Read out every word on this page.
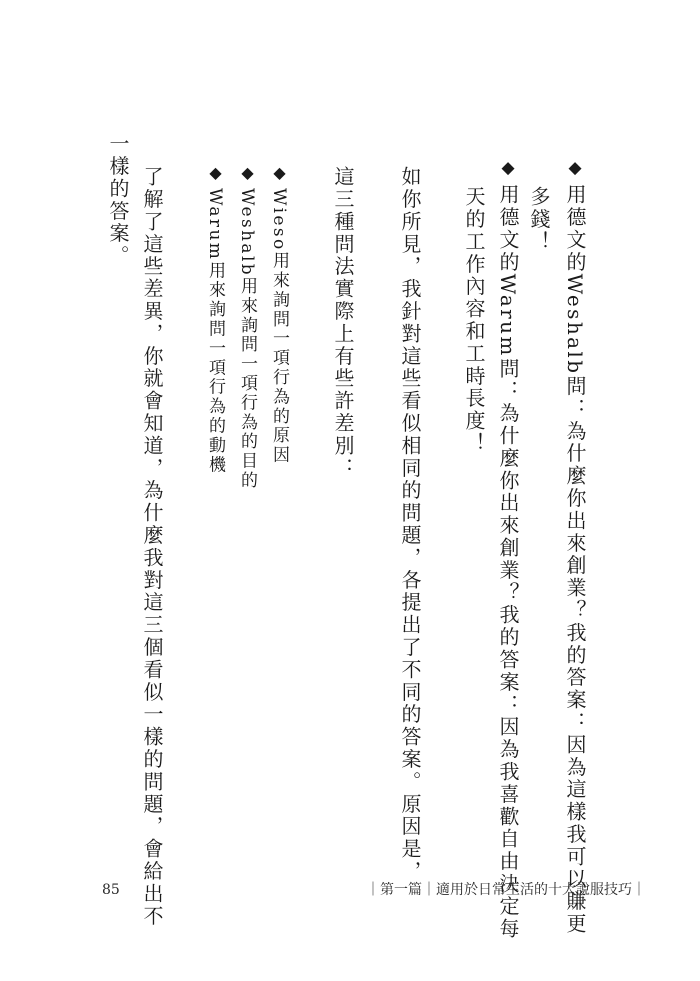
◆用德文的Weshalb問：為什麼你出來創業？我的答案：因為這樣我可以賺更
多錢！
◆用德文的Warum問：為什麼你出來創業？我的答案：因為我喜歡自由決定每
天的工作內容和工時長度！
如你所見，我針對這些看似相同的問題，各提出了不同的答案。原因是，
這三種問法實際上有些許差別：
◆Wieso用來詢問一項行為的原因
◆Weshalb用來詢問一項行為的目的
◆Warum用來詢問一項行為的動機
了解了這些差異，你就會知道，為什麼我對這三個看似一樣的問題，會給出不
一樣的答案。
85	｜第一篇｜適用於日常生活的十大說服技巧｜
